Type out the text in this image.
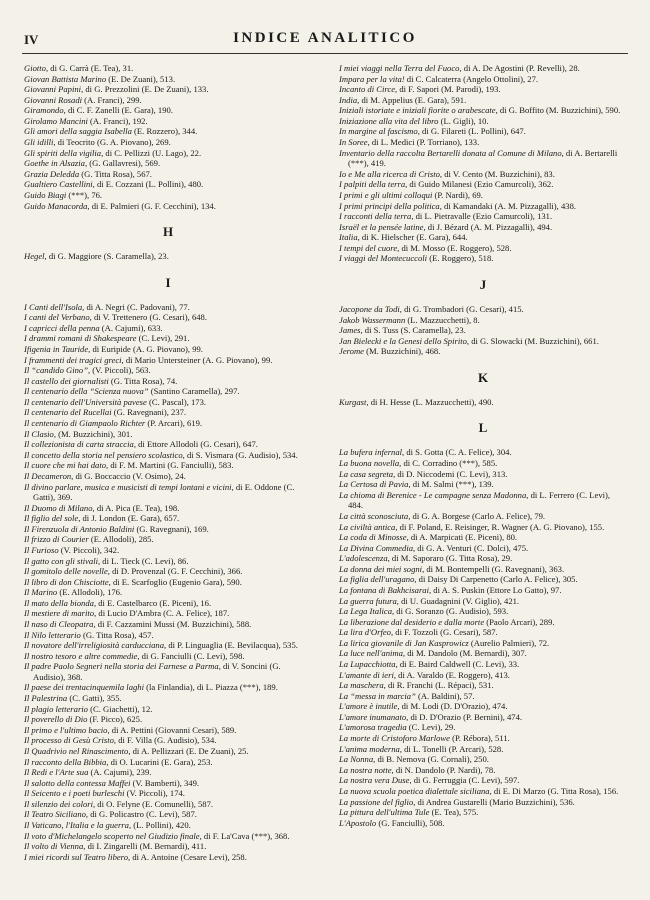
IV	INDICE ANALITICO
Giotto, di G. Carrà (E. Tea), 31.
Giovan Battista Marino (E. De Zuani), 513.
Giovanni Papini, di G. Prezzolini (E. De Zuani), 133.
Giovanni Rosadi (A. Franci), 299.
Giramondo, di C. F. Zanelli (E. Gara), 190.
Girolamo Mancini (A. Franci), 192.
Gli amori della saggia Isabella (E. Rozzero), 344.
Gli idilli, di Teocrito (G. A. Piovano), 269.
Gli spiriti della vigilia, di C. Pellizzi (U. Lago), 22.
Goethe in Alsazia, (G. Gallavresi), 569.
Grazia Deledda (G. Titta Rosa), 567.
Gualtiero Castellini, di E. Cozzani (L. Pollini), 480.
Guido Biagi (***), 76.
Guido Manacorda, di E. Palmieri (G. F. Cecchini), 134.
H
Hegel, di G. Maggiore (S. Caramella), 23.
I
I Canti dell'Isola, di A. Negri (C. Padovani), 77.
I canti del Verbano, di V. Trettenero (G. Cesari), 648.
I capricci della penna (A. Cajumi), 633.
I drammi romani di Shakespeare (C. Levi), 291.
Ifigenia in Tauride, di Euripide (A. G. Piovano), 99.
I frammenti dei tragici greci, di Mario Untersteiner (A. G. Piovano), 99.
Il “candido Gino”, (V. Piccoli), 563.
Il castello dei giornalisti (G. Titta Rosa), 74.
Il centenario della “Scienza nuova” (Santino Caramella), 297.
Il centenario dell'Università pavese (C. Pascal), 173.
Il centenario del Rucellai (G. Ravegnani), 237.
Il centenario di Giampaolo Richter (P. Arcari), 619.
Il Clasio, (M. Buzzichini), 301.
Il collezionista di carta straccia, di Ettore Allodoli (G. Cesari), 647.
Il concetto della storia nel pensiero scolastico, di S. Vismara (G. Audisio), 534.
Il cuore che mi hai dato, di F. M. Martini (G. Fanciulli), 583.
Il Decameron, di G. Boccaccio (V. Osimo), 24.
Il divino parlare, musica e musicisti di tempi lontani e vicini, di E. Oddone (C. Gatti), 369.
Il Duomo di Milano, di A. Pica (E. Tea), 198.
Il figlio del sole, di J. London (E. Gara), 657.
Il Firenzuola di Antonio Baldini (G. Ravegnani), 169.
Il frizzo di Courier (E. Allodoli), 285.
Il Furioso (V. Piccoli), 342.
Il gatto con gli stivali, di L. Tieck (C. Levi), 86.
Il gomitolo delle novelle, di D. Provenzal (G. F. Cecchini), 366.
Il libro di don Chisciotte, di E. Scarfoglio (Eugenio Gara), 590.
Il Marino (E. Allodoli), 176.
Il mato della bionda, di E. Castelbarco (E. Piceni), 16.
Il mestiere di marito, di Lucio D'Ambra (C. A. Felice), 187.
Il naso di Cleopatra, di F. Cazzamini Mussi (M. Buzzichini), 588.
Il Nilo letterario (G. Titta Rosa), 457.
Il novatore dell'irreligiosità carducciana, di P. Linguaglia (E. Bevilacqua), 535.
Il nostro tesoro e altre commedie, di G. Fanciulli (C. Levi), 598.
Il padre Paolo Segneri nella storia dei Farnese a Parma, di V. Soncini (G. Audisio), 368.
Il paese dei trentacinquemila laghi (la Finlandia), di L. Piazza (***), 189.
Il Palestrina (C. Gatti), 355.
Il plagio letterario (C. Giachetti), 12.
Il poverello di Dio (F. Picco), 625.
Il primo e l'ultimo bacio, di A. Pettini (Giovanni Cesari), 589.
Il processo di Gesù Cristo, di F. Villa (G. Audisio), 534.
Il Quadrivio nel Rinascimento, di A. Pellizzari (E. De Zuani), 25.
Il racconto della Bibbia, di O. Lucarini (E. Gara), 253.
Il Redi e l'Arte sua (A. Cajumi), 239.
Il salotto della contessa Maffei (V. Bamberti), 349.
Il Seicento e i poeti burleschi (V. Piccoli), 174.
Il silenzio dei colori, di O. Felyne (E. Comunelli), 587.
Il Teatro Siciliano, di G. Policastro (C. Levi), 587.
Il Vaticano, l'Italia e la guerra, (L. Pollini), 420.
Il voto d'Michelangelo scoperto nel Giudizio finale, di F. La'Cava (***), 368.
Il volto di Vienna, di I. Zingarelli (M. Bernardi), 411.
I miei ricordi sul Teatro libero, di A. Antoine (Cesare Levi), 258.
I miei viaggi nella Terra del Fuoco, di A. De Agostini (P. Revelli), 28.
Impara per la vita! di C. Calcaterra (Angelo Ottolini), 27.
Incanto di Circe, di F. Sapori (M. Parodi), 193.
India, di M. Appelius (E. Gara), 591.
Iniziali istoriate e iniziali fiorite o arabescate, di G. Boffito (M. Buzzichini), 590.
Iniziazione alla vita del libro (L. Gigli), 10.
In margine al fascismo, di G. Filareti (L. Pollini), 647.
In Soree, di L. Medici (P. Torriano), 133.
Inventario della raccolta Bertarelli donata al Comune di Milano, di A. Bertarelli (***), 419.
Io e Me alla ricerca di Cristo, di V. Cento (M. Buzzichini), 83.
I palpiti della terra, di Guido Milanesi (Ezio Camurcoli), 362.
I primi e gli ultimi colloqui (P. Nardi), 69.
I primi principi della politica, di Kamandaki (A. M. Pizzagalli), 438.
I racconti della terra, di L. Pietravalle (Ezio Camurcoli), 131.
Israël et la pensée latine, di J. Bézard (A. M. Pizzagalli), 494.
Italia, di K. Hielscher (E. Gara), 644.
I tempi del cuore, di M. Mosso (E. Roggero), 528.
I viaggi del Montecuccoli (E. Roggero), 518.
J
Jacopone da Todi, di G. Trombadori (G. Cesari), 415.
Jakob Wassermann (L. Mazzucchetti), 8.
James, di S. Tuss (S. Caramella), 23.
Jan Bielecki e la Genesi dello Spirito, di G. Slowacki (M. Buzzichini), 661.
Jerome (M. Buzzichini), 468.
K
Kurgast, di H. Hesse (L. Mazzucchetti), 490.
L
La bufera infernal, di S. Gotta (C. A. Felice), 304.
La buona novella, di C. Corradino (***), 585.
La casa segreta, di D. Niccodemi (C. Levi), 313.
La Certosa di Pavia, di M. Salmi (***), 139.
La chioma di Berenice - Le campagne senza Madonna, di L. Ferrero (C. Levi), 484.
La città sconosciuta, di G. A. Borgese (Carlo A. Felice), 79.
La civiltà antica, di F. Poland, E. Reisinger, R. Wagner (A. G. Piovano), 155.
La coda di Minosse, di A. Marpicati (E. Piceni), 80.
La Divina Commedia, di G. A. Venturi (C. Dolci), 475.
L'adolescenza, di M. Saporaro (G. Titta Rosa), 29.
La donna dei miei sogni, di M. Bontempelli (G. Ravegnani), 363.
La figlia dell'uragano, di Daisy Di Carpenetto (Carlo A. Felice), 305.
La fontana di Bakhcisarai, di A. S. Puskin (Ettore Lo Gatto), 97.
La guerra futura, di U. Guadagnini (V. Giglio), 421.
La Lega Italica, di G. Soranzo (G. Audisio), 593.
La liberazione dal desiderio e dalla morte (Paolo Arcari), 289.
La lira d'Orfeo, di F. Tozzoli (G. Cesari), 587.
La lirica giovanile di Jan Kasprowicz (Aurelio Palmieri), 72.
La luce nell'anima, di M. Dandolo (M. Bernardi), 307.
La Lupacchiotta, di E. Baird Caldwell (C. Levi), 33.
L'amante di ieri, di A. Varaldo (E. Roggero), 413.
La maschera, di R. Franchi (L. Répaci), 531.
La “messa in marcia” (A. Baldini), 57.
L'amore è inutile, di M. Lodi (D. D'Orazio), 474.
L'amore inumanato, di D. D'Orazio (P. Bernini), 474.
L'amorosa tragedia (C. Levi), 29.
La morte di Cristoforo Marlowe (P. Rébora), 511.
L'anima moderna, di L. Tonelli (P. Arcari), 528.
La Nonna, di B. Nemova (G. Cornali), 250.
La nostra notte, di N. Dandolo (P. Nardi), 78.
La nostra vera Duse, di G. Ferruggia (C. Levi), 597.
La nuova scuola poetica dialettale siciliana, di E. Di Marzo (G. Titta Rosa), 156.
La passione del figlio, di Andrea Gustarelli (Mario Buzzichini), 536.
La pittura dell'ultima Tule (E. Tea), 575.
L'Apostolo (G. Fanciulli), 508.
